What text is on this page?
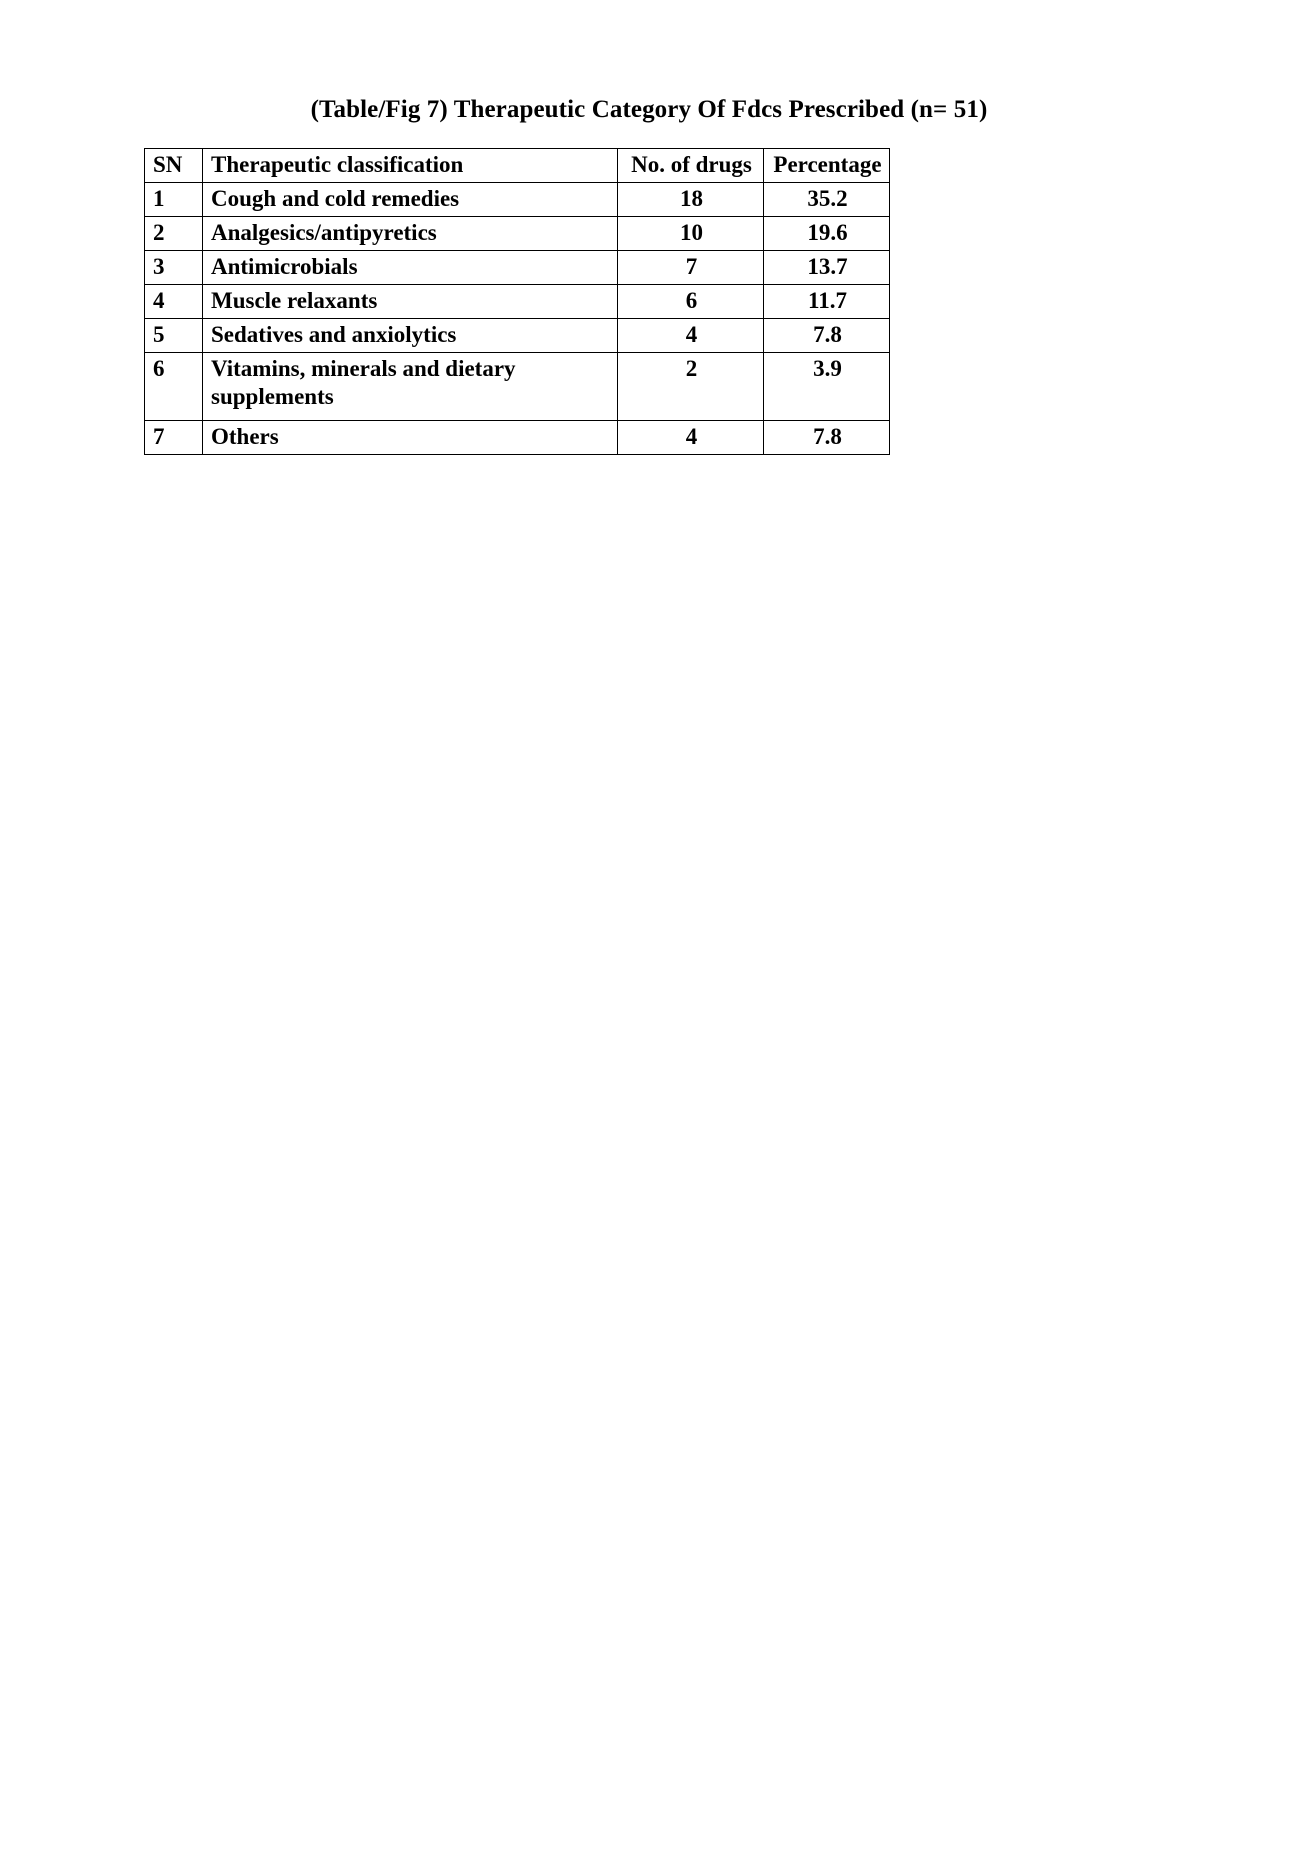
(Table/Fig 7) Therapeutic Category Of Fdcs Prescribed (n= 51)
SN	Therapeutic classification	No. of drugs	Percentage
1	Cough and cold remedies	18	35.2
2	Analgesics/antipyretics	10	19.6
3	Antimicrobials	7	13.7
4	Muscle relaxants	6	11.7
5	Sedatives and anxiolytics	4	7.8
6	Vitamins, minerals and dietary supplements	2	3.9
7	Others	4	7.8
